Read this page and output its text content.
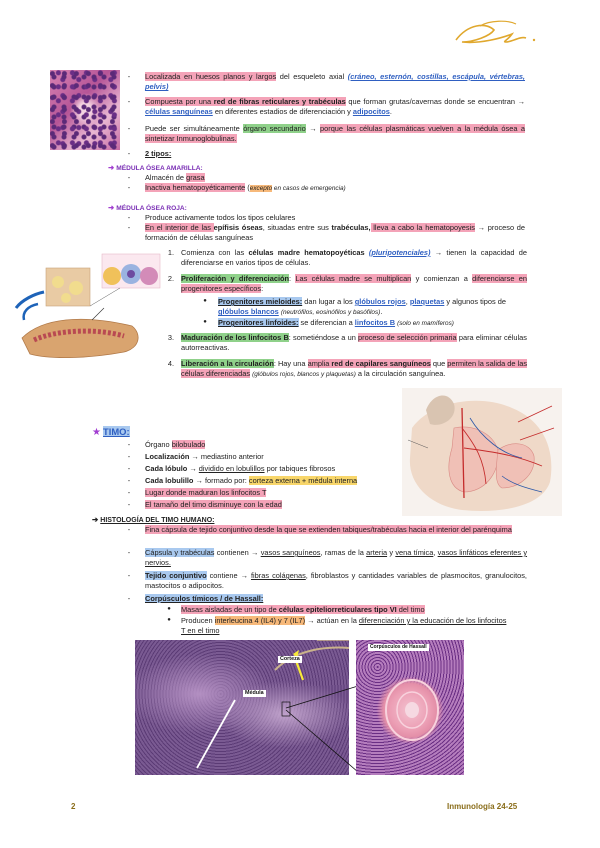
-	Localizada en huesos planos y largos del esqueleto axial (cráneo, esternón, costillas, escápula, vértebras, pelvis)
-	Compuesta por una red de fibras reticulares y trabéculas que forman grutas/cavernas donde se encuentran → células sanguíneas en diferentes estadios de diferenciación y adipocitos.
-	Puede ser simultáneamente órgano secundario → porque las células plasmáticas vuelven a la médula ósea a sintetizar Inmunoglobulinas.
-	2 tipos:
➜ MÉDULA ÓSEA AMARILLA:
-	Almacén de grasa
-	Inactiva hematopoyéticamente (excepto en casos de emergencia)
➜ MÉDULA ÓSEA ROJA:
-	Produce activamente todos los tipos celulares
-	En el interior de las epífisis óseas, situadas entre sus trabéculas, lleva a cabo la hematopoyesis → proceso de formación de células sanguíneas
1. Comienza con las células madre hematopoyéticas (pluripotenciales) → tienen la capacidad de diferenciarse en varios tipos de células.
2. Proliferación y diferenciación: Las células madre se multiplican y comienzan a diferenciarse en progenitores específicos:
3. Maduración de los linfocitos B: sometiéndose a un proceso de selección primaria para eliminar células autorreactivas.
4. Liberación a la circulación: Hay una amplia red de capilares sanguíneos que permiten la salida de las células diferenciadas (glóbulos rojos, blancos y plaquetas) a la circulación sanguínea.
●	Progenitores mieloides: dan lugar a los glóbulos rojos, plaquetas y algunos tipos de glóbulos blancos (neutrófilos, eosinófilos y basófilos).
●	Progenitores linfoides: se diferencian a linfocitos B (solo en mamíferos)
★ TIMO:
-	Órgano bilobulado
-	Localización → mediastino anterior
-	Cada lóbulo → dividido en lobulillos por tabiques fibrosos
-	Cada lobulillo → formado por: corteza externa + médula interna
-	Lugar donde maduran los linfocitos T
-	El tamaño del timo disminuye con la edad
➔ HISTOLOGÍA DEL TIMO HUMANO:
-	Fina cápsula de tejido conjuntivo desde la que se extienden tabiques/trabéculas hacia el interior del parénquima
-	Cápsula y trabéculas contienen → vasos sanguíneos, ramas de la arteria y vena tímica, vasos linfáticos eferentes y nervios.
-	Tejido conjuntivo contiene → fibras colágenas, fibroblastos y cantidades variables de plasmocitos, granulocitos, mastocitos o adipocitos.
-	Corpúsculos tímicos / de Hassall:
●	Masas aisladas de un tipo de células epiteliorreticulares tipo VI del timo
●	Producen interleucina 4 (IL4) y 7 (IL7) → actúan en la diferenciación y la educación de los linfocitos T en el timo
Corteza
Médula
Corpúsculos de Hassall
2	Inmunología 24-25
